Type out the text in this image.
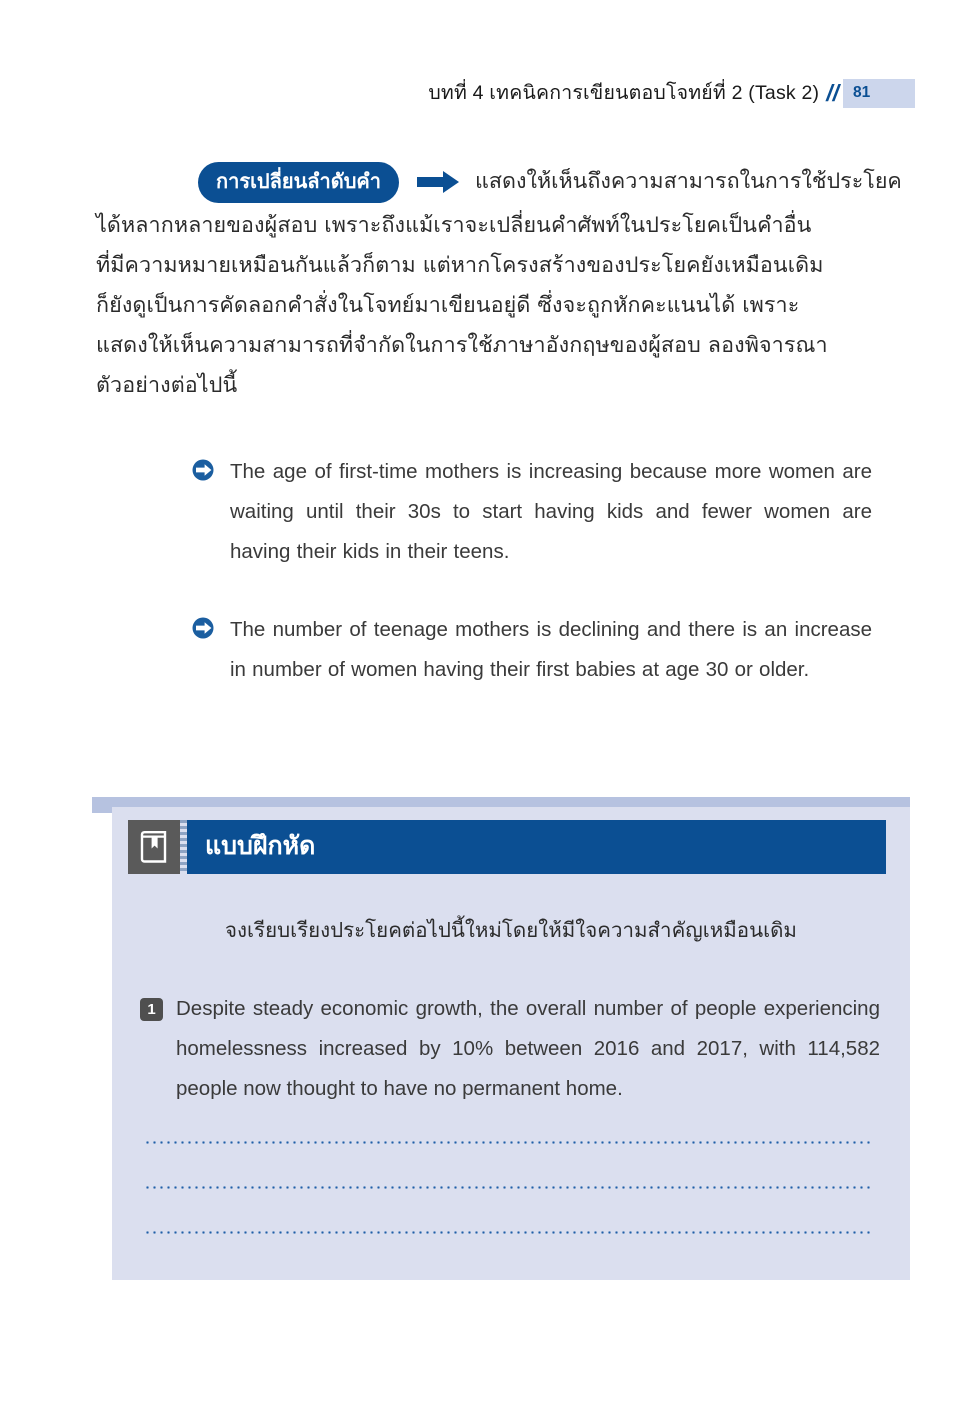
บทที่ 4 เทคนิคการเขียนตอบโจทย์ที่ 2 (Task 2) // 81
การเปลี่ยนลำดับคำ	แสดงให้เห็นถึงความสามารถในการใช้ประโยค
ได้หลากหลายของผู้สอบ เพราะถึงแม้เราจะเปลี่ยนคำศัพท์ในประโยคเป็นคำอื่น
ที่มีความหมายเหมือนกันแล้วก็ตาม แต่หากโครงสร้างของประโยคยังเหมือนเดิม
ก็ยังดูเป็นการคัดลอกคำสั่งในโจทย์มาเขียนอยู่ดี ซึ่งจะถูกหักคะแนนได้ เพราะ
แสดงให้เห็นความสามารถที่จำกัดในการใช้ภาษาอังกฤษของผู้สอบ ลองพิจารณา
ตัวอย่างต่อไปนี้
The age of first-time mothers is increasing because more women are waiting until their 30s to start having kids and fewer women are having their kids in their teens.
The number of teenage mothers is declining and there is an increase in number of women having their first babies at age 30 or older.
แบบฝึกหัด
จงเรียบเรียงประโยคต่อไปนี้ใหม่โดยให้มีใจความสำคัญเหมือนเดิม
1 Despite steady economic growth, the overall number of people experiencing homelessness increased by 10% between 2016 and 2017, with 114,582 people now thought to have no permanent home.
